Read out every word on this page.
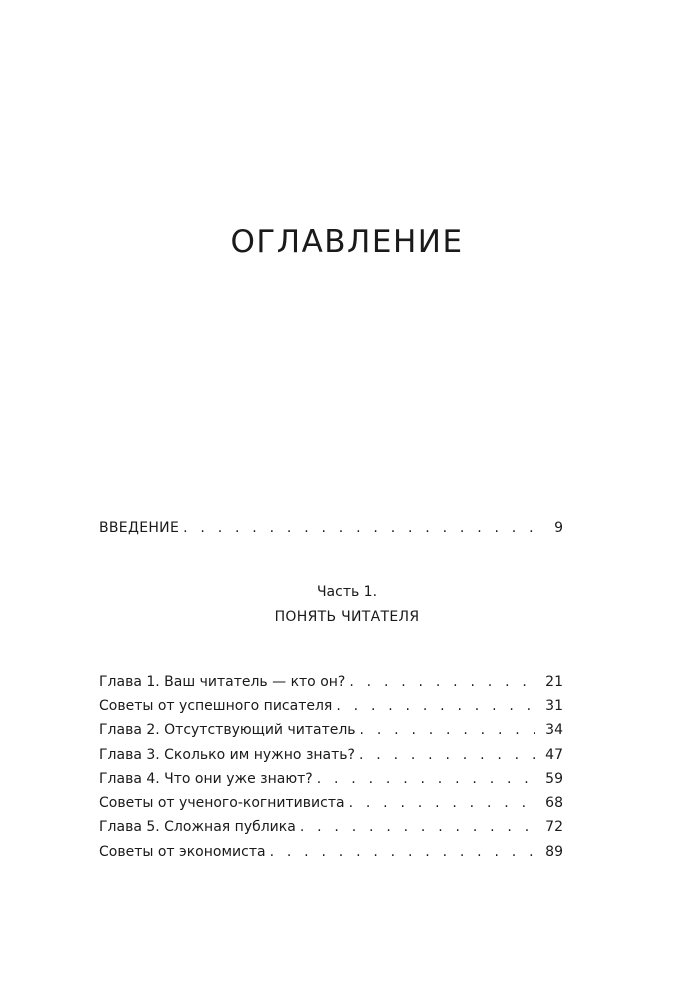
ОГЛАВЛЕНИЕ
ВВЕДЕНИЕ . . .	9
Часть 1.
ПОНЯТЬ ЧИТАТЕЛЯ
Глава 1. Ваш читатель — кто он? . . .	21
Советы от успешного писателя . . .	31
Глава 2. Отсутствующий читатель . . .	34
Глава 3. Сколько им нужно знать? . . .	47
Глава 4. Что они уже знают? . . .	59
Советы от ученого-когнитивиста . . .	68
Глава 5. Сложная публика . . .	72
Советы от экономиста . . .	89
